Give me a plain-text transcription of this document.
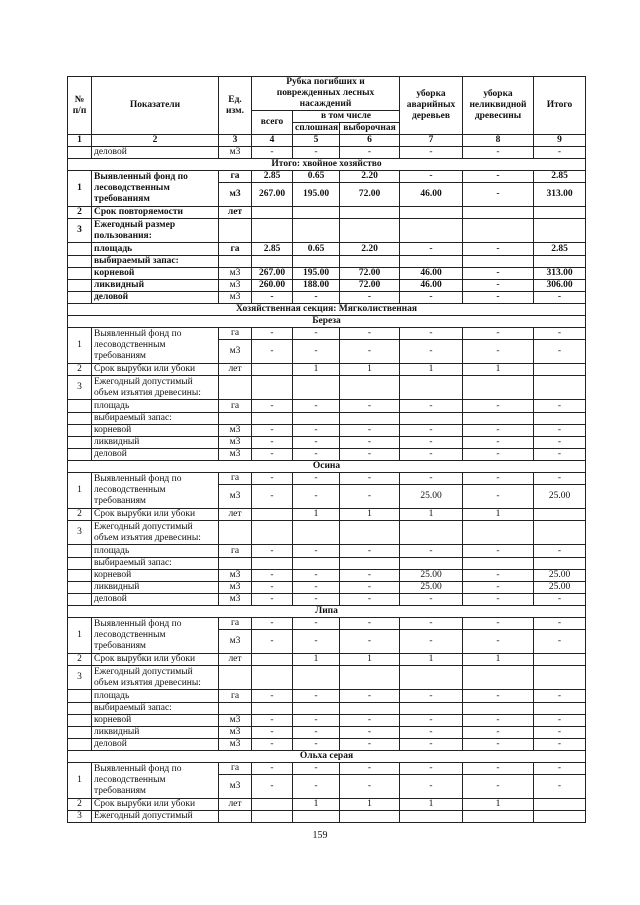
№ п/п	Показатели	Ед. изм.	Рубка погибших и поврежденных лесных насаждений			уборка аварийных деревьев	уборка неликвидной древесины	Итого
			всего	в том числе				
				сплошная	выборочная			
1	2	3	4	5	6	7	8	9
	деловой	м3	-	-	-	-	-	-
Итого: хвойное хозяйство								
1	Выявленный фонд по лесоводственным требованиям	га	2.85	0.65	2.20	-	-	2.85
		м3	267.00	195.00	72.00	46.00	-	313.00
2	Срок повторяемости	лет						
3	Ежегодный размер пользования:							
	площадь	га	2.85	0.65	2.20	-	-	2.85
	выбираемый запас:							
	корневой	м3	267.00	195.00	72.00	46.00	-	313.00
	ликвидный	м3	260.00	188.00	72.00	46.00	-	306.00
	деловой	м3	-	-	-	-	-	-
Хозяйственная секция: Мягколиственная								
Береза								
1	Выявленный фонд по лесоводственным требованиям	га	-	-	-	-	-	-
		м3	-	-	-	-	-	-
2	Срок вырубки или убоки	лет		1	1	1	1	
3	Ежегодный допустимый объем изъятия древесины:							
	площадь	га	-	-	-	-	-	-
	выбираемый запас:							
	корневой	м3	-	-	-	-	-	-
	ликвидный	м3	-	-	-	-	-	-
	деловой	м3	-	-	-	-	-	-
Осина								
1	Выявленный фонд по лесоводственным требованиям	га	-	-	-	-	-	-
		м3	-	-	-	25.00	-	25.00
2	Срок вырубки или убоки	лет		1	1	1	1	
3	Ежегодный допустимый объем изъятия древесины:							
	площадь	га	-	-	-	-	-	-
	выбираемый запас:							
	корневой	м3	-	-	-	25.00	-	25.00
	ликвидный	м3	-	-	-	25.00	-	25.00
	деловой	м3	-	-	-	-	-	-
Липа								
1	Выявленный фонд по лесоводственным требованиям	га	-	-	-	-	-	-
		м3	-	-	-	-	-	-
2	Срок вырубки или убоки	лет		1	1	1	1	
3	Ежегодный допустимый объем изъятия древесины:							
	площадь	га	-	-	-	-	-	-
	выбираемый запас:							
	корневой	м3	-	-	-	-	-	-
	ликвидный	м3	-	-	-	-	-	-
	деловой	м3	-	-	-	-	-	-
Ольха серая								
1	Выявленный фонд по лесоводственным требованиям	га	-	-	-	-	-	-
		м3	-	-	-	-	-	-
2	Срок вырубки или убоки	лет		1	1	1	1	
3	Ежегодный допустимый							
159
